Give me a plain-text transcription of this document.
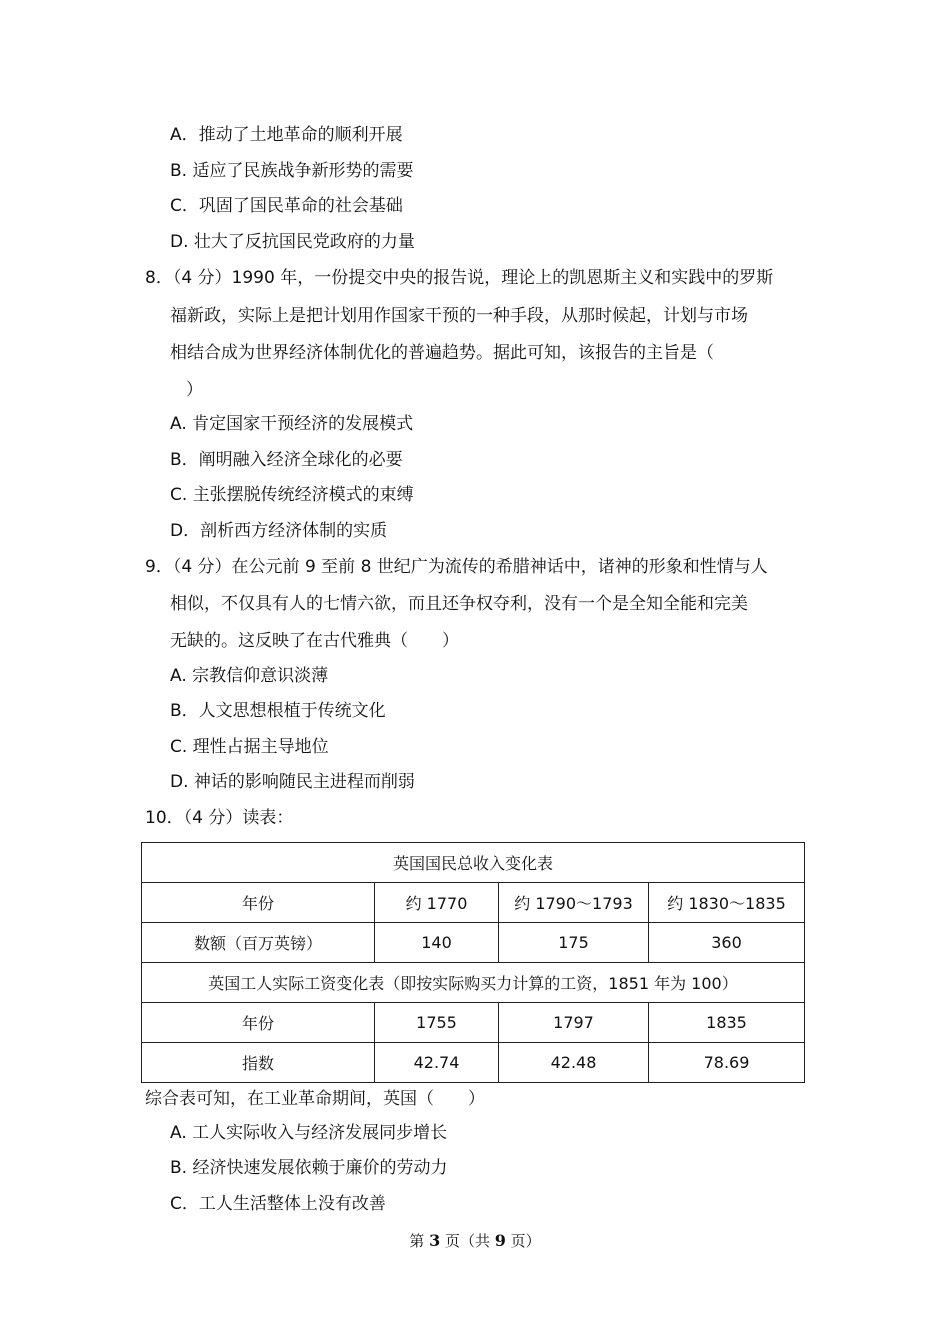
A．推动了土地革命的顺利开展
B. 适应了民族战争新形势的需要
C．巩固了国民革命的社会基础
D. 壮大了反抗国民党政府的力量
8．（4 分）1990 年，一份提交中央的报告说，理论上的凯恩斯主义和实践中的罗斯
福新政，实际上是把计划用作国家干预的一种手段，从那时候起，计划与市场
相结合成为世界经济体制优化的普遍趋势。据此可知，该报告的主旨是（
）
A. 肯定国家干预经济的发展模式
B．阐明融入经济全球化的必要
C. 主张摆脱传统经济模式的束缚
D．剖析西方经济体制的实质
9．（4 分）在公元前 9 至前 8 世纪广为流传的希腊神话中，诸神的形象和性情与人
相似，不仅具有人的七情六欲，而且还争权夺利，没有一个是全知全能和完美
无缺的。这反映了在古代雅典（　　）
A. 宗教信仰意识淡薄
B．人文思想根植于传统文化
C. 理性占据主导地位
D. 神话的影响随民主进程而削弱
10．（4 分）读表：
英国国民总收入变化表			
年份	约 1770	约 1790～1793	约 1830～1835
数额（百万英镑）	140	175	360
英国工人实际工资变化表（即按实际购买力计算的工资，1851 年为 100）			
年份	1755	1797	1835
指数	42.74	42.48	78.69
综合表可知，在工业革命期间，英国（　　）
A. 工人实际收入与经济发展同步增长
B. 经济快速发展依赖于廉价的劳动力
C．工人生活整体上没有改善
第 3 页（共 9 页）
